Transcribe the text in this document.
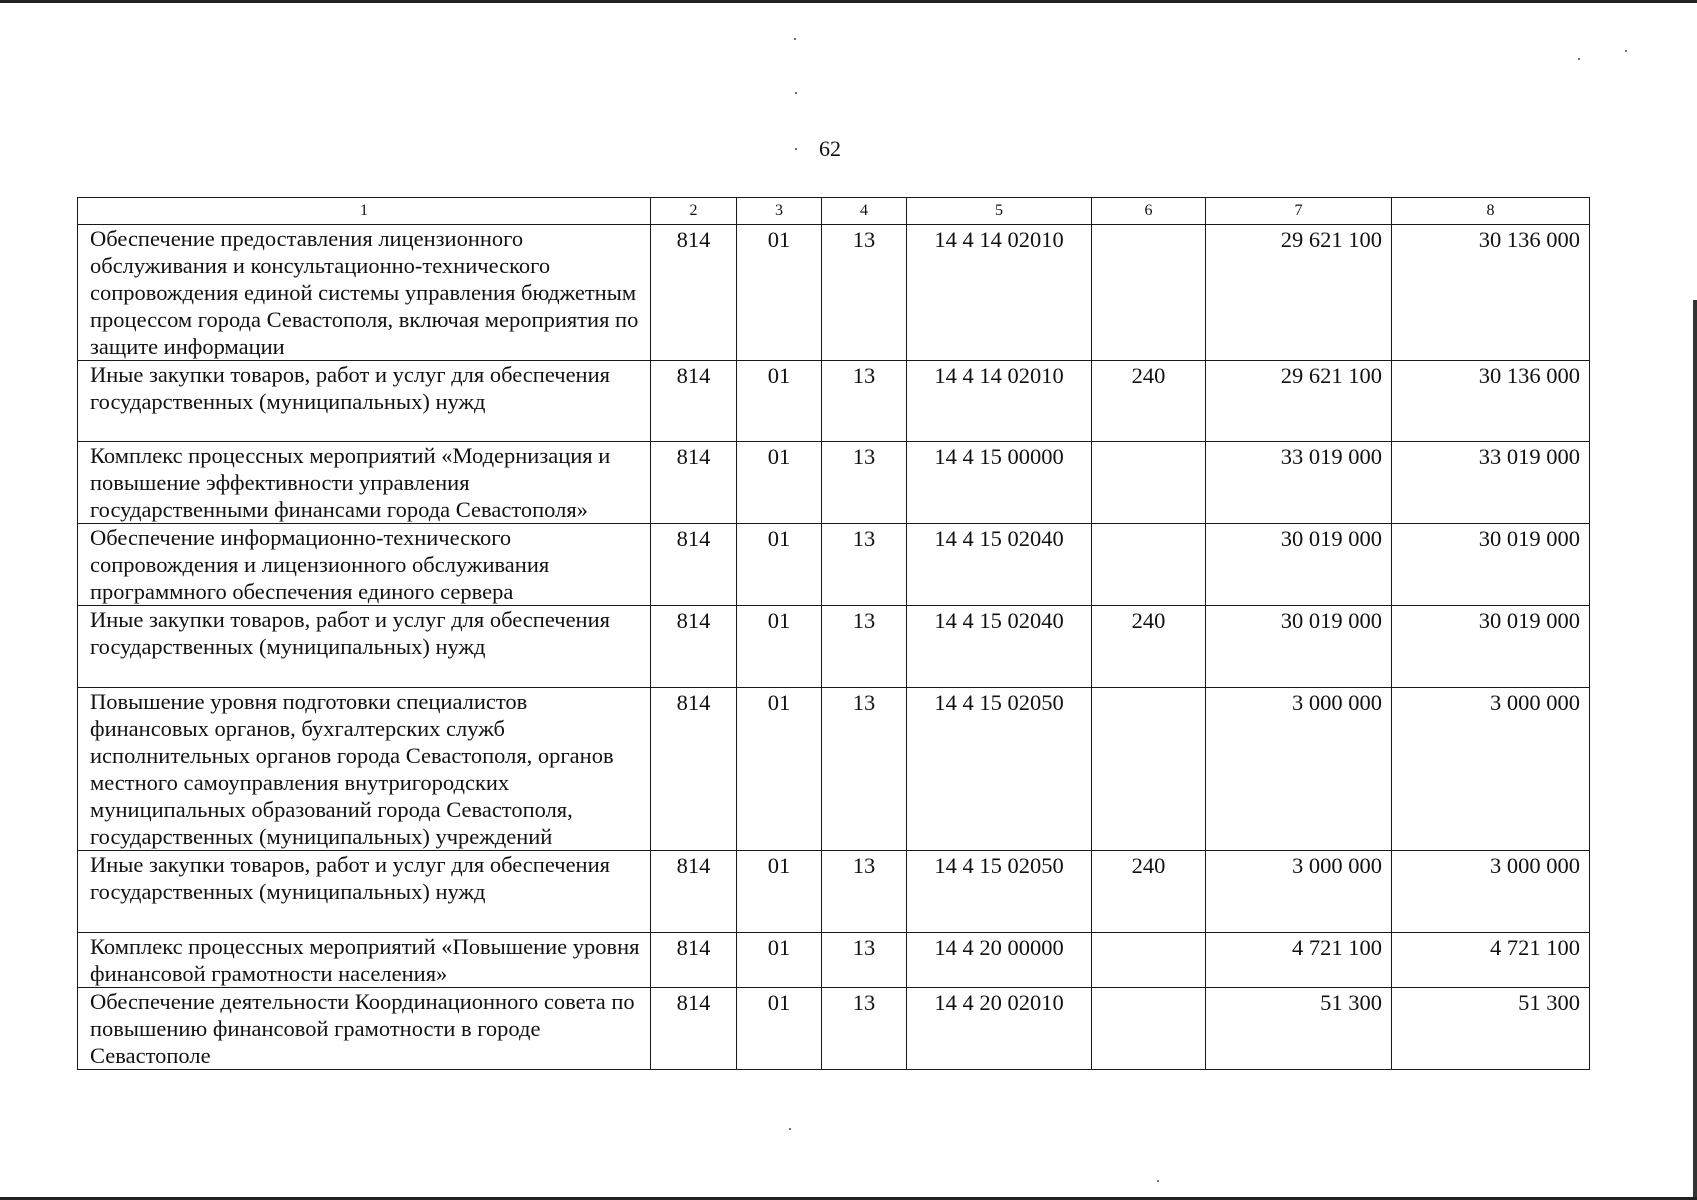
62
1	2	3	4	5	6	7	8
Обеспечение предоставления лицензионного обслуживания и консультационно-технического сопровождения единой системы управления бюджетным процессом города Севастополя, включая мероприятия по защите информации	814	01	13	14 4 14 02010		29 621 100	30 136 000
Иные закупки товаров, работ и услуг для обеспечения государственных (муниципальных) нужд	814	01	13	14 4 14 02010	240	29 621 100	30 136 000
Комплекс процессных мероприятий «Модернизация и повышение эффективности управления государственными финансами города Севастополя»	814	01	13	14 4 15 00000		33 019 000	33 019 000
Обеспечение информационно-технического сопровождения и лицензионного обслуживания программного обеспечения единого сервера	814	01	13	14 4 15 02040		30 019 000	30 019 000
Иные закупки товаров, работ и услуг для обеспечения государственных (муниципальных) нужд	814	01	13	14 4 15 02040	240	30 019 000	30 019 000
Повышение уровня подготовки специалистов финансовых органов, бухгалтерских служб исполнительных органов города Севастополя, органов местного самоуправления внутригородских муниципальных образований города Севастополя, государственных (муниципальных) учреждений	814	01	13	14 4 15 02050		3 000 000	3 000 000
Иные закупки товаров, работ и услуг для обеспечения государственных (муниципальных) нужд	814	01	13	14 4 15 02050	240	3 000 000	3 000 000
Комплекс процессных мероприятий «Повышение уровня финансовой грамотности населения»	814	01	13	14 4 20 00000		4 721 100	4 721 100
Обеспечение деятельности Координационного совета по повышению финансовой грамотности в городе Севастополе	814	01	13	14 4 20 02010		51 300	51 300
